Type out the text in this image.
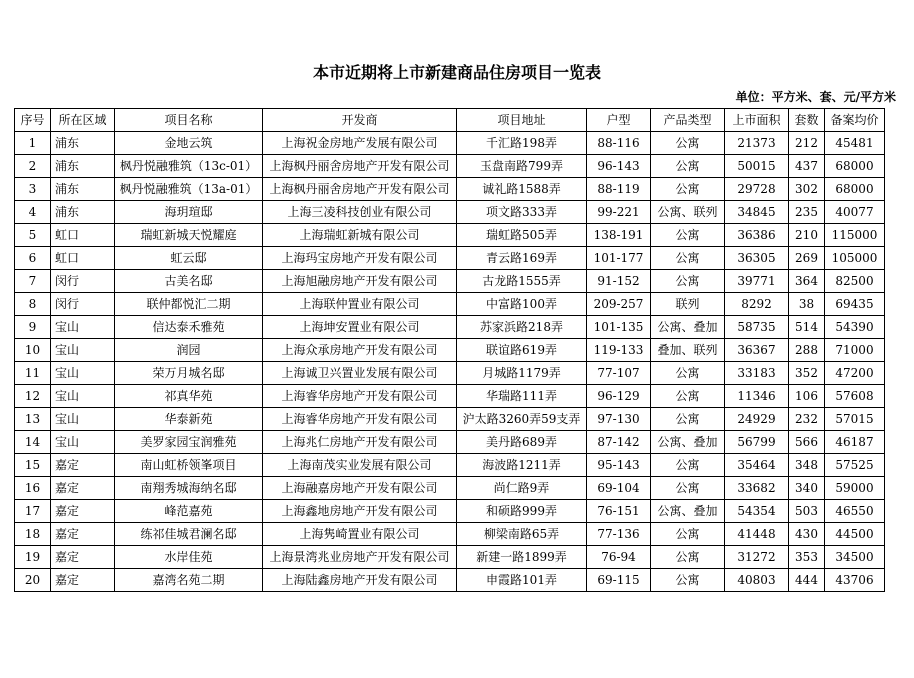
本市近期将上市新建商品住房项目一览表
单位：平方米、套、元/平方米
序号	所在区域	项目名称	开发商	项目地址	户型	产品类型	上市面积	套数	备案均价
1	浦东	金地云筑	上海祝金房地产发展有限公司	千汇路198弄	88-116	公寓	21373	212	45481
2	浦东	枫丹悦融雅筑（13c-01）	上海枫丹丽舍房地产开发有限公司	玉盘南路799弄	96-143	公寓	50015	437	68000
3	浦东	枫丹悦融雅筑（13a-01）	上海枫丹丽舍房地产开发有限公司	诚礼路1588弄	88-119	公寓	29728	302	68000
4	浦东	海玥瑄邸	上海三凌科技创业有限公司	项文路333弄	99-221	公寓、联列	34845	235	40077
5	虹口	瑞虹新城天悦耀庭	上海瑞虹新城有限公司	瑞虹路505弄	138-191	公寓	36386	210	115000
6	虹口	虹云邸	上海玛宝房地产开发有限公司	青云路169弄	101-177	公寓	36305	269	105000
7	闵行	古美名邸	上海旭融房地产开发有限公司	古龙路1555弄	91-152	公寓	39771	364	82500
8	闵行	联仲都悦汇二期	上海联仲置业有限公司	中富路100弄	209-257	联列	8292	38	69435
9	宝山	信达泰禾雅苑	上海坤安置业有限公司	苏家浜路218弄	101-135	公寓、叠加	58735	514	54390
10	宝山	润园	上海众承房地产开发有限公司	联谊路619弄	119-133	叠加、联列	36367	288	71000
11	宝山	荣万月城名邸	上海诚卫兴置业发展有限公司	月城路1179弄	77-107	公寓	33183	352	47200
12	宝山	祁真华苑	上海睿华房地产开发有限公司	华瑞路111弄	96-129	公寓	11346	106	57608
13	宝山	华泰新苑	上海睿华房地产开发有限公司	沪太路3260弄59支弄	97-130	公寓	24929	232	57015
14	宝山	美罗家园宝润雅苑	上海兆仁房地产开发有限公司	美丹路689弄	87-142	公寓、叠加	56799	566	46187
15	嘉定	南山虹桥领峯项目	上海南茂实业发展有限公司	海波路1211弄	95-143	公寓	35464	348	57525
16	嘉定	南翔秀城海纳名邸	上海融嘉房地产开发有限公司	尚仁路9弄	69-104	公寓	33682	340	59000
17	嘉定	峰范嘉苑	上海鑫地房地产开发有限公司	和硕路999弄	76-151	公寓、叠加	54354	503	46550
18	嘉定	练祁佳城君澜名邸	上海隽崎置业有限公司	柳梁南路65弄	77-136	公寓	41448	430	44500
19	嘉定	水岸佳苑	上海景湾兆业房地产开发有限公司	新建一路1899弄	76-94	公寓	31272	353	34500
20	嘉定	嘉湾名苑二期	上海陆鑫房地产开发有限公司	申霞路101弄	69-115	公寓	40803	444	43706
